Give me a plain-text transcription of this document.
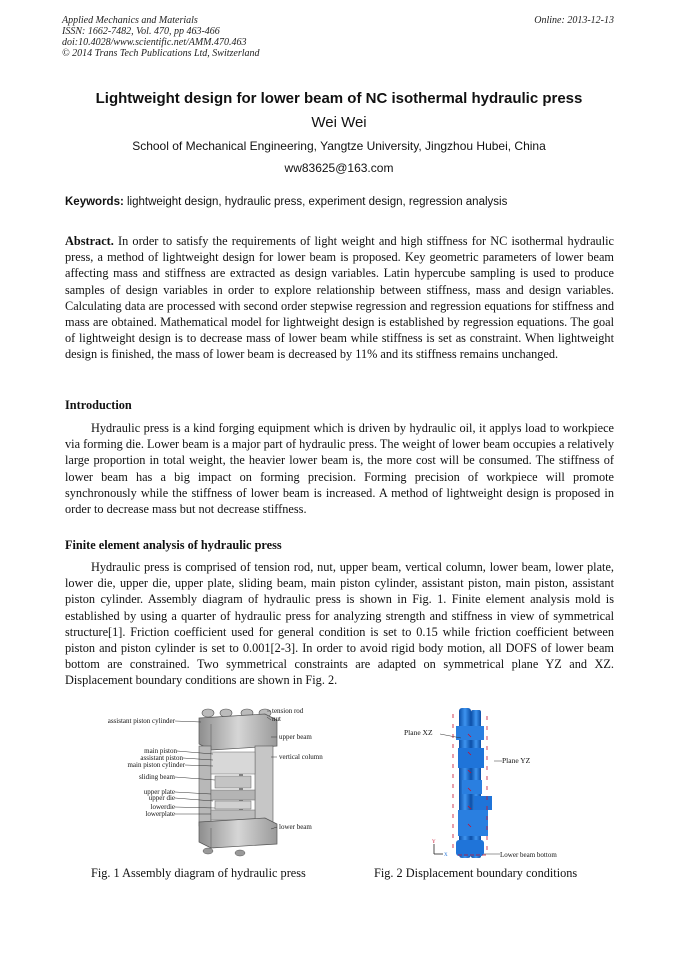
Applied Mechanics and Materials
ISSN: 1662-7482, Vol. 470, pp 463-466
doi:10.4028/www.scientific.net/AMM.470.463
© 2014 Trans Tech Publications Ltd, Switzerland
Online: 2013-12-13
Lightweight design for lower beam of NC isothermal hydraulic press
Wei Wei
School of Mechanical Engineering, Yangtze University, Jingzhou Hubei, China
ww83625@163.com
Keywords: lightweight design, hydraulic press, experiment design, regression analysis
Abstract. In order to satisfy the requirements of light weight and high stiffness for NC isothermal hydraulic press, a method of lightweight design for lower beam is proposed. Key geometric parameters of lower beam affecting mass and stiffness are extracted as design variables. Latin hypercube sampling is used to produce samples of design variables in order to explore relationship between stiffness, mass and design variables. Calculating data are processed with second order stepwise regression and regression equations for stiffness and mass are obtained. Mathematical model for lightweight design is established by regression equations. The goal of lightweight design is to decrease mass of lower beam while stiffness is set as constraint. When lightweight design is finished, the mass of lower beam is decreased by 11% and its stiffness remains unchanged.
Introduction
Hydraulic press is a kind forging equipment which is driven by hydraulic oil, it applys load to workpiece via forming die. Lower beam is a major part of hydraulic press. The weight of lower beam occupies a relatively large proportion in total weight, the heavier lower beam is, the more cost will be consumed. The stiffness of lower beam has a big impact on forming precision. Forming precision of workpiece will promote synchronously while the stiffness of lower beam is increased. A method of lightweight design is proposed in order to decrease mass but not decrease stiffness.
Finite element analysis of hydraulic press
Hydraulic press is comprised of tension rod, nut, upper beam, vertical column, lower beam, lower plate, lower die, upper die, upper plate, sliding beam, main piston cylinder, assistant piston, main piston, assistant piston cylinder. Assembly diagram of hydraulic press is shown in Fig. 1. Finite element analysis mold is established by using a quarter of hydraulic press for analyzing strength and stiffness in view of symmetrical structure[1]. Friction coefficient used for general condition is set to 0.15 while friction coefficient between piston and piston cylinder is set to 0.001[2-3]. In order to avoid rigid body motion, all DOFS of lower beam bottom are constrained. Two symmetrical constraints are adapted on symmetrical plane YZ and XZ. Displacement boundary conditions are shown in Fig. 2.
assistant piston cylinder
main piston
assistant piston
main piston cylinder
sliding beam
upper plate
upper die
lowerdie
lowerplate
tension rod
nut
upper beam
vertical column
lower beam
Y
X
Plane XZ
Plane YZ
Lower beam bottom
Fig. 1 Assembly diagram of hydraulic press	Fig. 2 Displacement boundary conditions
